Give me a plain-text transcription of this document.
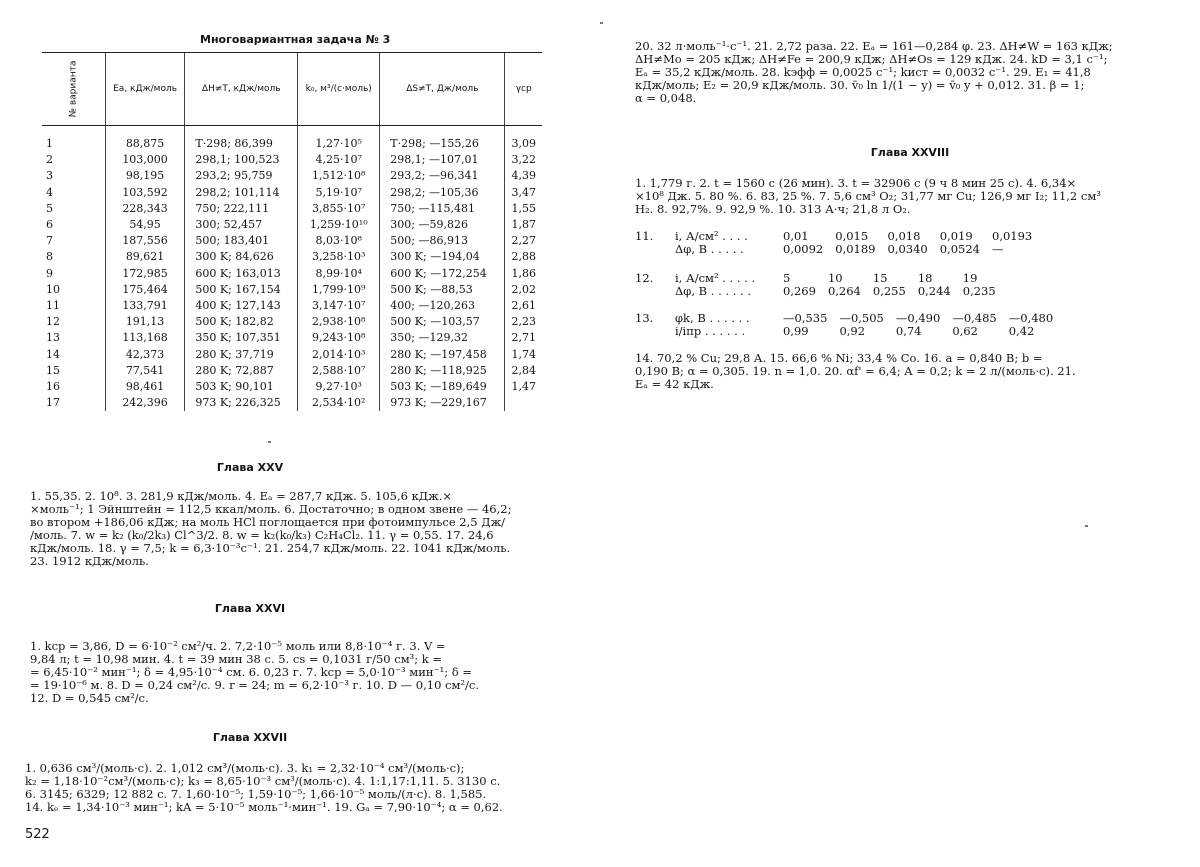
Многовариантная задача № 3
№ варианта	Ea, кДж/моль	ΔH≠T, кДж/моль	k₀, м³/(с·моль)	ΔS≠T, Дж/моль	γср
1	88,875	T·298; 86,399	1,27·10⁵	T·298; —155,26	3,09
2	103,000	298,1; 100,523	4,25·10⁷	298,1; —107,01	3,22
3	98,195	293,2; 95,759	1,512·10⁸	293,2; —96,341	4,39
4	103,592	298,2; 101,114	5,19·10⁷	298,2; —105,36	3,47
5	228,343	750; 222,111	3,855·10⁷	750; —115,481	1,55
6	54,95	300; 52,457	1,259·10¹⁰	300; —59,826	1,87
7	187,556	500; 183,401	8,03·10⁸	500; —86,913	2,27
8	89,621	300 K; 84,626	3,258·10³	300 K; —194,04	2,88
9	172,985	600 K; 163,013	8,99·10⁴	600 K; —172,254	1,86
10	175,464	500 K; 167,154	1,799·10⁹	500 K; —88,53	2,02
11	133,791	400 K; 127,143	3,147·10⁷	400; —120,263	2,61
12	191,13	500 K; 182,82	2,938·10⁸	500 K; —103,57	2,23
13	113,168	350 K; 107,351	9,243·10⁸	350; —129,32	2,71
14	42,373	280 K; 37,719	2,014·10³	280 K; —197,458	1,74
15	77,541	280 K; 72,887	2,588·10⁷	280 K; —118,925	2,84
16	98,461	503 K; 90,101	9,27·10³	503 K; —189,649	1,47
17	242,396	973 K; 226,325	2,534·10²	973 K; —229,167	
Глава XXV
1. 55,35. 2. 10⁸. 3. 281,9 кДж/моль. 4. Eₐ = 287,7 кДж. 5. 105,6 кДж.×
×моль⁻¹; 1 Эйнштейн = 112,5 ккал/моль. 6. Достаточно; в одном звене — 46,2;
во втором +186,06 кДж; на моль HCl поглощается при фотоимпульсе 2,5 Дж/
/моль. 7. w = k₂ (k₀/2k₃) Cl^3/2. 8. w = k₂(k₀/k₃) C₂H₄Cl₂. 11. γ = 0,55. 17. 24,6
кДж/моль. 18. γ = 7,5; k = 6,3·10⁻³c⁻¹. 21. 254,7 кДж/моль. 22. 1041 кДж/моль.
23. 1912 кДж/моль.
Глава XXVI
1. kср = 3,86, D = 6·10⁻² см²/ч. 2. 7,2·10⁻⁵ моль или 8,8·10⁻⁴ г. 3. V =
9,84 л; t = 10,98 мин. 4. t = 39 мин 38 с. 5. cs = 0,1031 г/50 см³; k =
= 6,45·10⁻² мин⁻¹; δ = 4,95·10⁻⁴ см. 6. 0,23 г. 7. kср = 5,0·10⁻³ мин⁻¹; δ =
= 19·10⁻⁶ м. 8. D = 0,24 см²/с. 9. r = 24; m = 6,2·10⁻³ г. 10. D — 0,10 см²/с.
12. D = 0,545 см²/с.
Глава XXVII
1. 0,636 см³/(моль·с). 2. 1,012 см³/(моль·с). 3. k₁ = 2,32·10⁻⁴ см³/(моль·с);
k₂ = 1,18·10⁻²см³/(моль·с); k₃ = 8,65·10⁻³ см³/(моль·с). 4. 1:1,17:1,11. 5. 3130 с.
6. 3145; 6329; 12 882 с. 7. 1,60·10⁻⁵; 1,59·10⁻⁵; 1,66·10⁻⁵ моль/(л·с). 8. 1,585.
14. kₑ = 1,34·10⁻³ мин⁻¹; kA = 5·10⁻⁵ моль⁻¹·мин⁻¹. 19. Gₐ = 7,90·10⁻⁴; α = 0,62.
522
20. 32 л·моль⁻¹·с⁻¹. 21. 2,72 раза. 22. Eₐ = 161—0,284 φ. 23. ΔH≠W = 163 кДж;
ΔH≠Mo = 205 кДж; ΔH≠Fe = 200,9 кДж; ΔH≠Os = 129 кДж. 24. kD = 3,1 с⁻¹;
Eₐ = 35,2 кДж/моль. 28. kэфф = 0,0025 с⁻¹; kист = 0,0032 с⁻¹. 29. E₁ = 41,8
кДж/моль; E₂ = 20,9 кДж/моль. 30. v̄₀ ln 1/(1 − y) = v̄₀ y + 0,012. 31. β = 1;
α = 0,048.
Глава XXVIII
1. 1,779 г. 2. t = 1560 с (26 мин). 3. t = 32906 с (9 ч 8 мин 25 с). 4. 6,34×
×10⁸ Дж. 5. 80 %. 6. 83, 25 %. 7. 5,6 см³ O₂; 31,77 мг Cu; 126,9 мг I₂; 11,2 см³
H₂. 8. 92,7%. 9. 92,9 %. 10. 313 А·ч; 21,8 л O₂.
11.	i, А/см² . . . .	0,01	0,015	0,018	0,019	0,0193
	Δφ, В . . . . .	0,0092	0,0189	0,0340	0,0524	—
12.	i, А/см² . . . . .	5	10	15	18	19
	Δφ, В . . . . . .	0,269	0,264	0,255	0,244	0,235
13.	φk, В . . . . . .	—0,535	—0,505	—0,490	—0,485	—0,480
	i/iпр . . . . . .	0,99	0,92	0,74	0,62	0,42
14. 70,2 % Cu; 29,8 А. 15. 66,6 % Ni; 33,4 % Co. 16. a = 0,840 В; b =
0,190 В; α = 0,305. 19. n = 1,0. 20. αf' = 6,4; A = 0,2; k = 2 л/(моль·с). 21.
Eₐ = 42 кДж.
